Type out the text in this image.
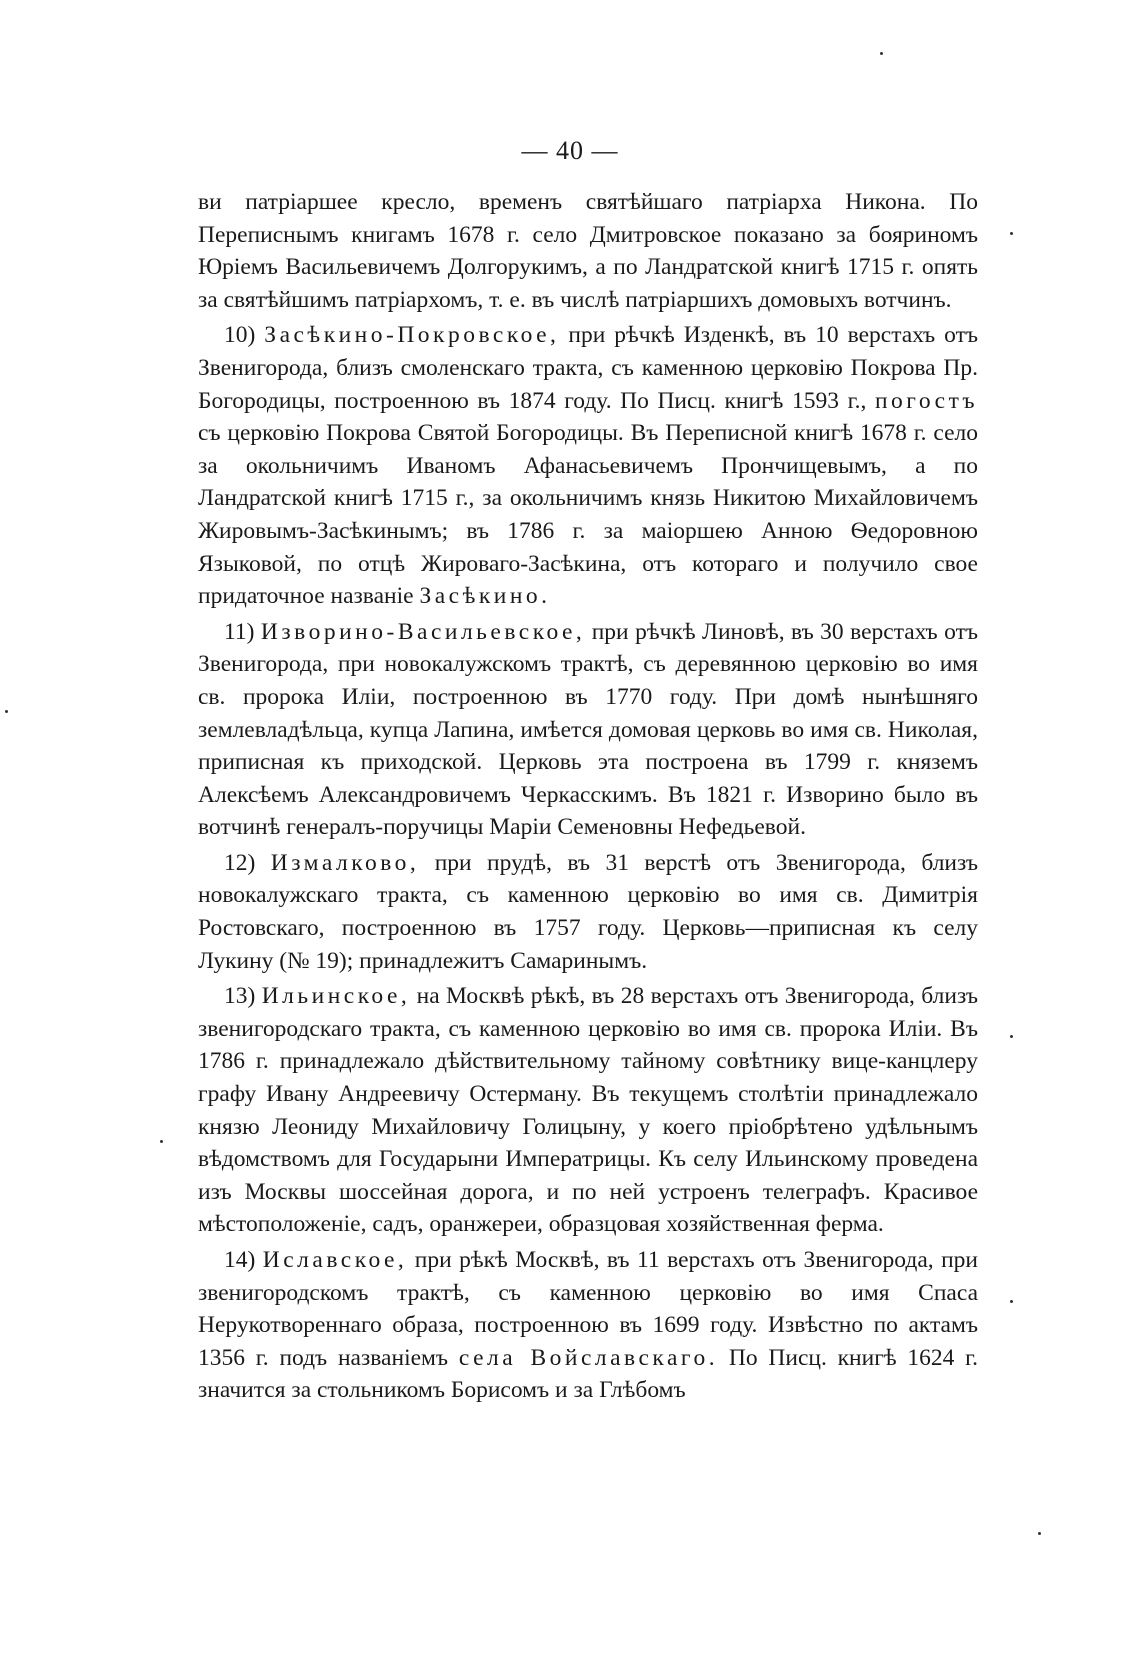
— 40 —

ви патріаршее кресло, временъ святѣйшаго патріарха Никона. По Переписнымъ книгамъ 1678 г. село Дмитровское показано за бояриномъ Юріемъ Васильевичемъ Долгорукимъ, а по Ландратской книгѣ 1715 г. опять за святѣйшимъ патріархомъ, т. е. въ числѣ патріаршихъ домовыхъ вотчинъ.

10) Засѣкино-Покровское, при рѣчкѣ Изденкѣ, въ 10 верстахъ отъ Звенигорода, близъ смоленскаго тракта, съ каменною церковію Покрова Пр. Богородицы, построенною въ 1874 году. По Писц. книгѣ 1593 г., погостъ съ церковію Покрова Святой Богородицы. Въ Переписной книгѣ 1678 г. село за окольничимъ Иваномъ Афанасьевичемъ Прончищевымъ, а по Ландратской книгѣ 1715 г., за окольничимъ князь Никитою Михайловичемъ Жировымъ-Засѣкинымъ; въ 1786 г. за маіоршею Анною Ѳедоровною Языковой, по отцѣ Жироваго-Засѣкина, отъ котораго и получило свое придаточное названіе Засѣкино.

11) Изворино-Васильевское, при рѣчкѣ Линовѣ, въ 30 верстахъ отъ Звенигорода, при новокалужскомъ трактѣ, съ деревянною церковію во имя св. пророка Иліи, построенною въ 1770 году. При домѣ нынѣшняго землевладѣльца, купца Лапина, имѣется домовая церковь во имя св. Николая, приписная къ приходской. Церковь эта построена въ 1799 г. княземъ Алексѣемъ Александровичемъ Черкасскимъ. Въ 1821 г. Изворино было въ вотчинѣ генералъ-поручицы Маріи Семеновны Нефедьевой.

12) Измалково, при прудѣ, въ 31 верстѣ отъ Звенигорода, близъ новокалужскаго тракта, съ каменною церковію во имя св. Димитрія Ростовскаго, построенною въ 1757 году. Церковь—приписная къ селу Лукину (№ 19); принадлежитъ Самаринымъ.

13) Ильинское, на Москвѣ рѣкѣ, въ 28 верстахъ отъ Звенигорода, близъ звенигородскаго тракта, съ каменною церковію во имя св. пророка Иліи. Въ 1786 г. принадлежало дѣйствительному тайному совѣтнику вице-канцлеру графу Ивану Андреевичу Остерману. Въ текущемъ столѣтіи принадлежало князю Леониду Михайловичу Голицыну, у коего пріобрѣтено удѣльнымъ вѣдомствомъ для Государыни Императрицы. Къ селу Ильинскому проведена изъ Москвы шоссейная дорога, и по ней устроенъ телеграфъ. Красивое мѣстоположеніе, садъ, оранжереи, образцовая хозяйственная ферма.

14) Иславское, при рѣкѣ Москвѣ, въ 11 верстахъ отъ Звенигорода, при звенигородскомъ трактѣ, съ каменною церковію во имя Спаса Нерукотвореннаго образа, построенною въ 1699 году. Извѣстно по актамъ 1356 г. подъ названіемъ села Войславскаго. По Писц. книгѣ 1624 г. значится за стольникомъ Борисомъ и за Глѣбомъ
